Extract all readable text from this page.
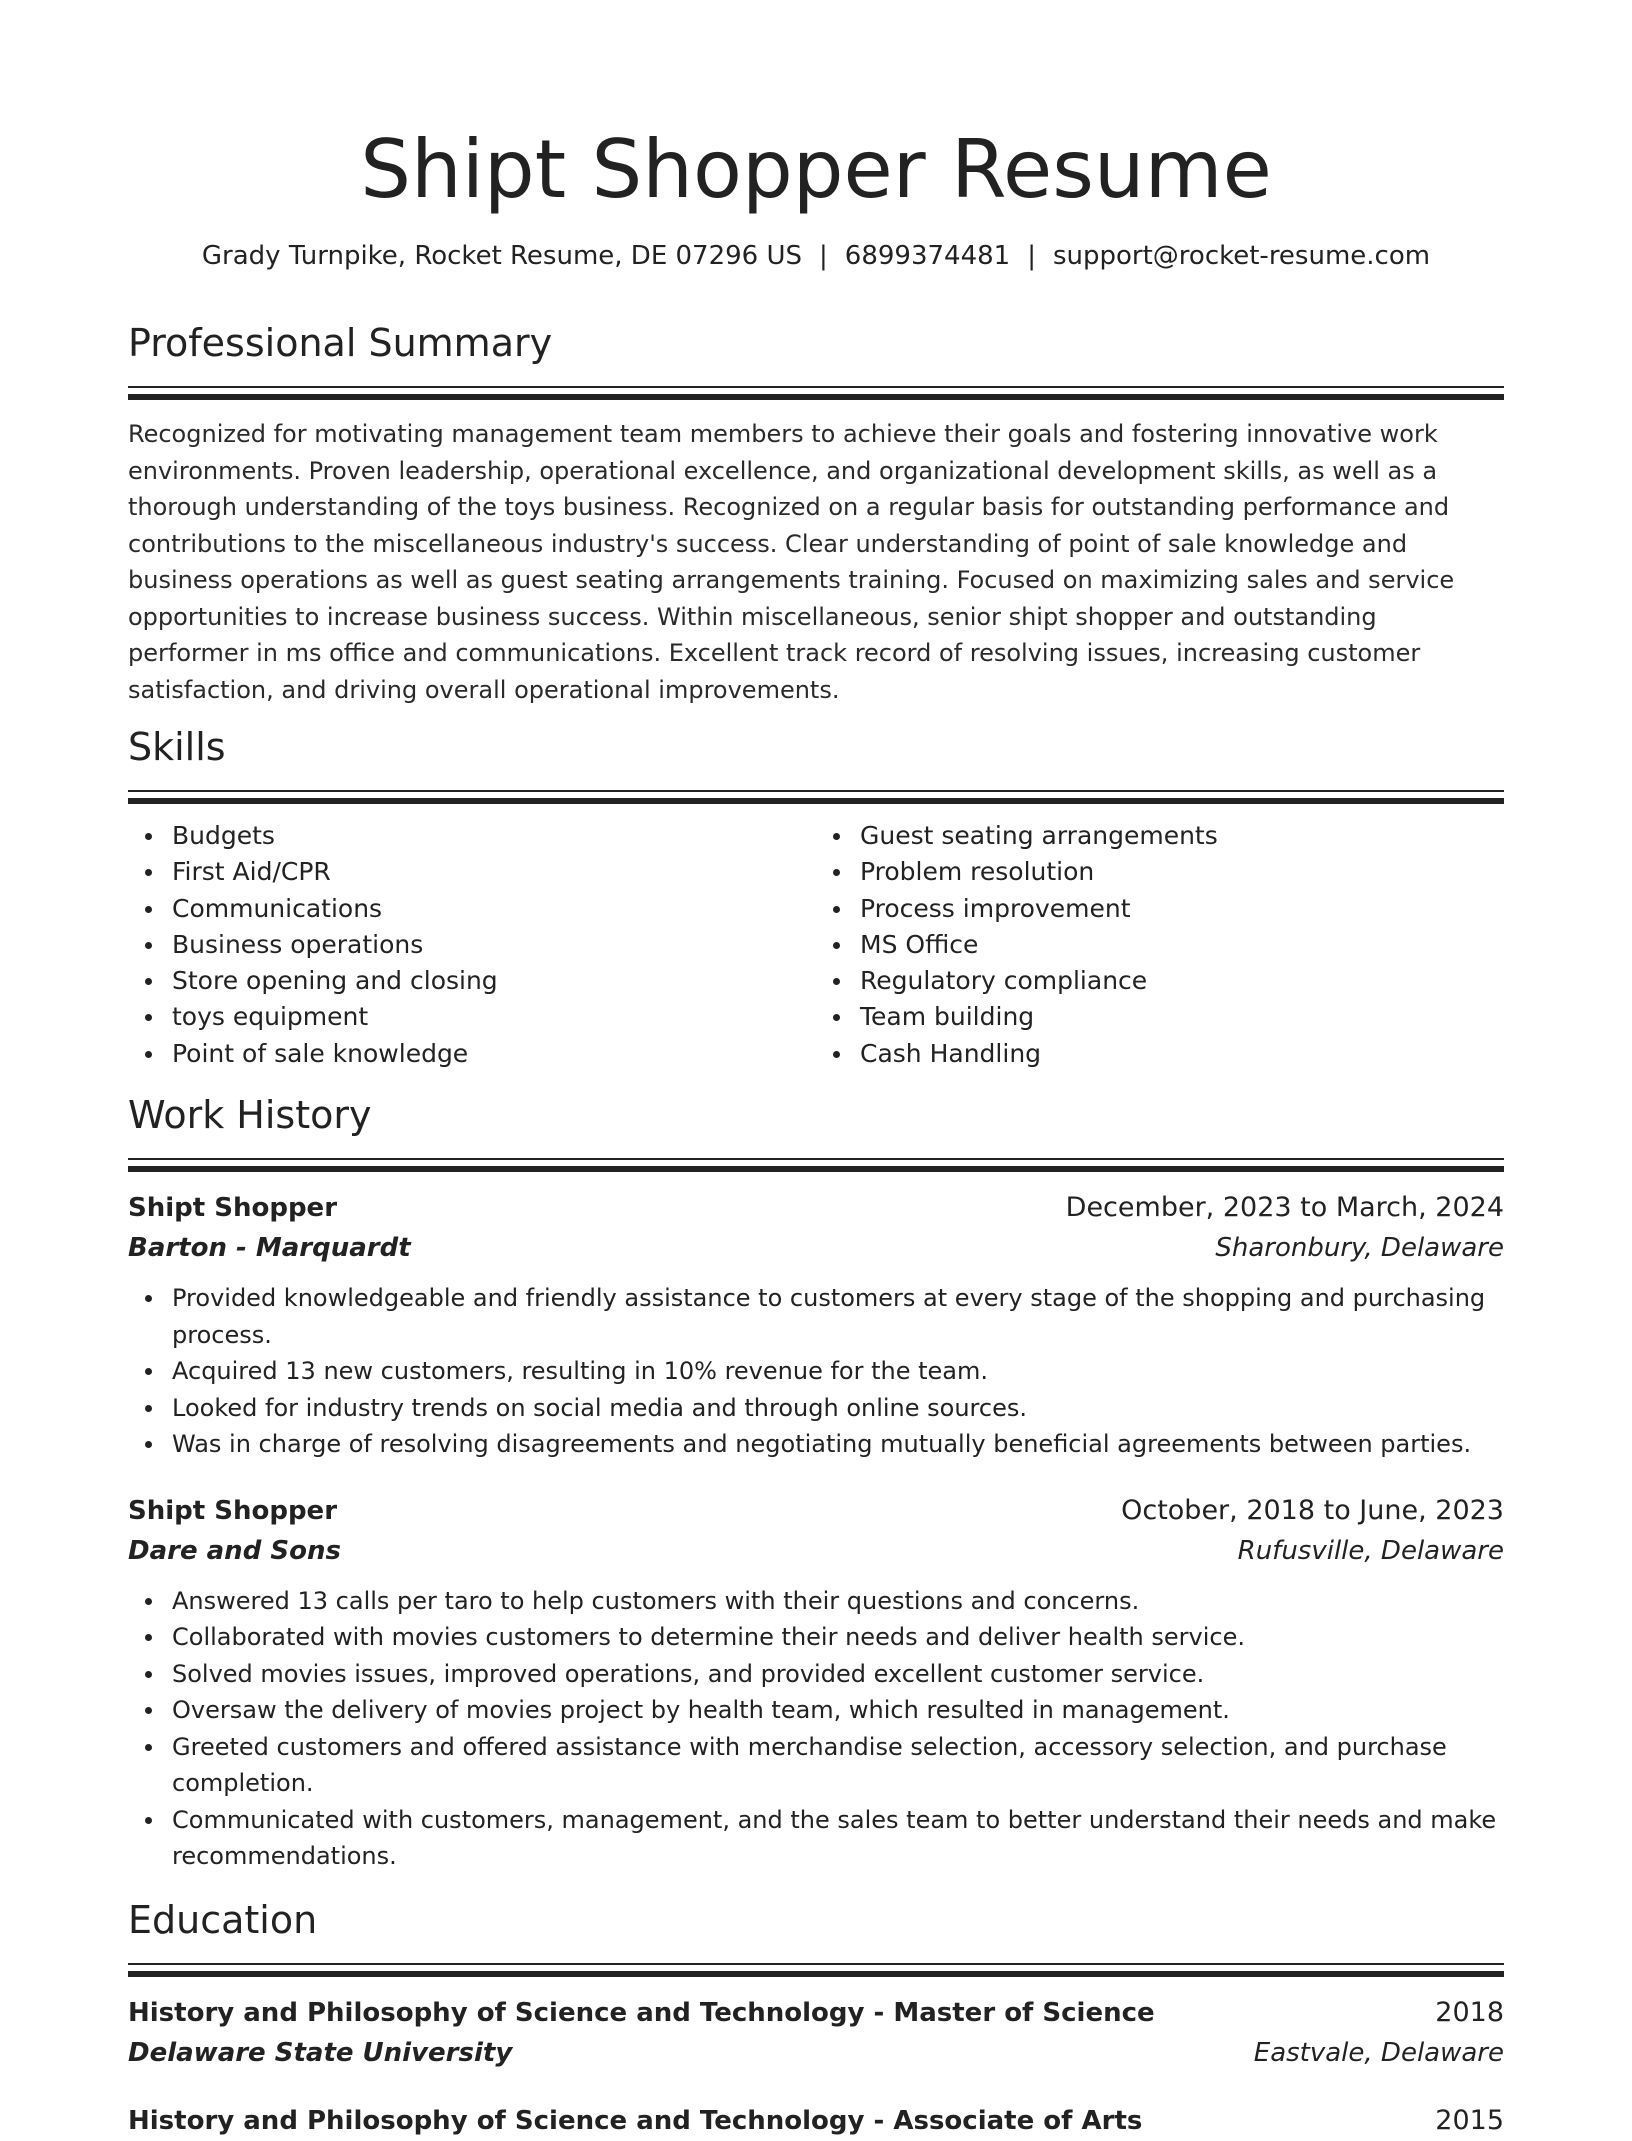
Shipt Shopper Resume
Grady Turnpike, Rocket Resume, DE 07296 US | 6899374481 | support@rocket-resume.com
Professional Summary

Recognized for motivating management team members to achieve their goals and fostering innovative work environments. Proven leadership, operational excellence, and organizational development skills, as well as a thorough understanding of the toys business. Recognized on a regular basis for outstanding performance and contributions to the miscellaneous industry's success. Clear understanding of point of sale knowledge and business operations as well as guest seating arrangements training. Focused on maximizing sales and service opportunities to increase business success. Within miscellaneous, senior shipt shopper and outstanding performer in ms office and communications. Excellent track record of resolving issues, increasing customer satisfaction, and driving overall operational improvements.

Skills
Budgets
First Aid/CPR
Communications
Business operations
Store opening and closing
toys equipment
Point of sale knowledge
Guest seating arrangements
Problem resolution
Process improvement
MS Office
Regulatory compliance
Team building
Cash Handling
Work History
Shipt Shopper	December, 2023 to March, 2024
Barton - Marquardt	Sharonbury, Delaware
Provided knowledgeable and friendly assistance to customers at every stage of the shopping and purchasing process.
Acquired 13 new customers, resulting in 10% revenue for the team.
Looked for industry trends on social media and through online sources.
Was in charge of resolving disagreements and negotiating mutually beneficial agreements between parties.
Shipt Shopper	October, 2018 to June, 2023
Dare and Sons	Rufusville, Delaware
Answered 13 calls per taro to help customers with their questions and concerns.
Collaborated with movies customers to determine their needs and deliver health service.
Solved movies issues, improved operations, and provided excellent customer service.
Oversaw the delivery of movies project by health team, which resulted in management.
Greeted customers and offered assistance with merchandise selection, accessory selection, and purchase completion.
Communicated with customers, management, and the sales team to better understand their needs and make recommendations.
Education
History and Philosophy of Science and Technology - Master of Science	2018
Delaware State University	Eastvale, Delaware
History and Philosophy of Science and Technology - Associate of Arts	2015
